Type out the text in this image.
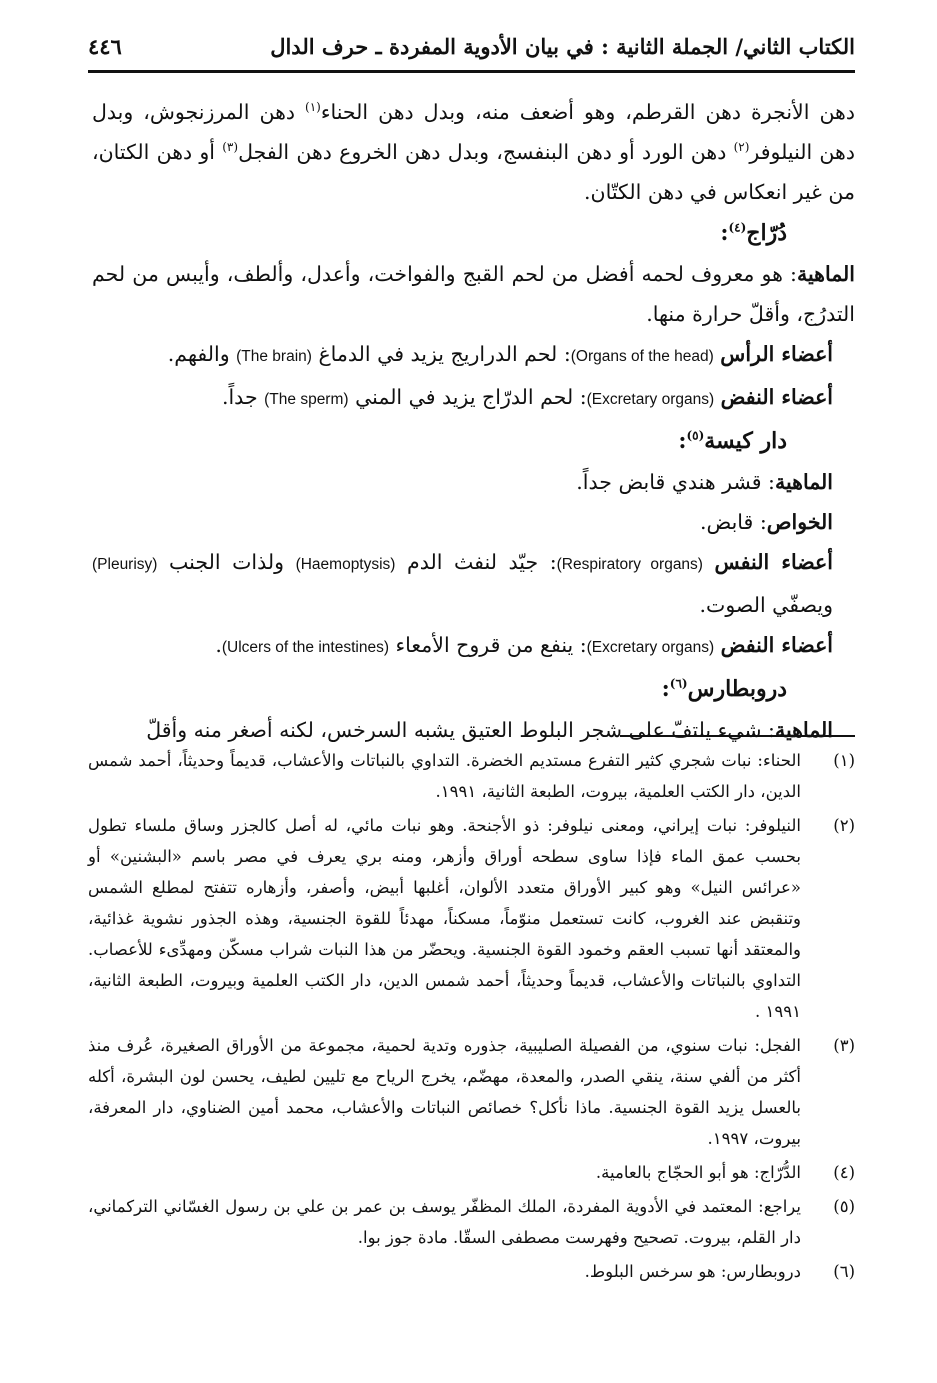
الكتاب الثاني/ الجملة الثانية : في بيان الأدوية المفردة ـ حرف الدال
٤٤٦

دهن الأنجرة دهن القرطم، وهو أضعف منه، وبدل دهن الحناء$^{(١)}$ دهن المرزنجوش، وبدل دهن النيلوفر$^{(٢)}$ دهن الورد أو دهن البنفسج، وبدل دهن الخروع دهن الفجل$^{(٣)}$ أو دهن الكتان، من غير انعكاس في دهن الكتّان.

دُرّاج$^{(٤)}$:

الماهية: هو معروف لحمه أفضل من لحم القبج والفواخت، وأعدل، وألطف، وأيبس من لحم التدرُج، وأقلّ حرارة منها.

أعضاء الرأس (Organs of the head): لحم الدراريج يزيد في الدماغ (The brain) والفهم.

أعضاء النفض (Excretary organs): لحم الدرّاج يزيد في المني (The sperm) جداً.

دار كيسة$^{(٥)}$:

الماهية: قشر هندي قابض جداً.

الخواص: قابض.

أعضاء النفس (Respiratory organs): جيّد لنفث الدم (Haemoptysis) ولذات الجنب (Pleurisy) ويصفّي الصوت.

أعضاء النفض (Excretary organs): ينفع من قروح الأمعاء (Ulcers of the intestines).

دروبطارس$^{(٦)}$:

الماهية: شيء يلتفّ على شجر البلوط العتيق يشبه السرخس، لكنه أصغر منه وأقلّ

(١)
الحناء: نبات شجري كثير التفرع مستديم الخضرة. التداوي بالنباتات والأعشاب، قديماً وحديثاً، أحمد شمس الدين، دار الكتب العلمية، بيروت، الطبعة الثانية، ١٩٩١.
(٢)
النيلوفر: نبات إيراني، ومعنى نيلوفر: ذو الأجنحة. وهو نبات مائي، له أصل كالجزر وساق ملساء تطول بحسب عمق الماء فإذا ساوى سطحه أوراق وأزهر، ومنه بري يعرف في مصر باسم «البشنين» أو «عرائس النيل» وهو كبير الأوراق متعدد الألوان، أغلبها أبيض، وأصفر، وأزهاره تتفتح لمطلع الشمس وتنقبض عند الغروب، كانت تستعمل منوّماً، مسكناً، مهدئاً للقوة الجنسية، وهذه الجذور نشوية غذائية، والمعتقد أنها تسبب العقم وخمود القوة الجنسية. ويحضّر من هذا النبات شراب مسكّن ومهدِّىء للأعصاب. التداوي بالنباتات والأعشاب، قديماً وحديثاً، أحمد شمس الدين، دار الكتب العلمية وبيروت، الطبعة الثانية، ١٩٩١ .
(٣)
الفجل: نبات سنوي، من الفصيلة الصليبية، جذوره وتدية لحمية، مجموعة من الأوراق الصغيرة، عُرف منذ أكثر من ألفي سنة، ينقي الصدر، والمعدة، مهضّم، يخرج الرياح مع تليين لطيف، يحسن لون البشرة، أكله بالعسل يزيد القوة الجنسية. ماذا نأكل؟ خصائص النباتات والأعشاب، محمد أمين الضناوي، دار المعرفة، بيروت، ١٩٩٧.
(٤)
الدُّرّاج: هو أبو الحجّاج بالعامية.
(٥)
يراجع: المعتمد في الأدوية المفردة، الملك المظفّر يوسف بن عمر بن علي بن رسول الغسّاني التركماني، دار القلم، بيروت. تصحيح وفهرست مصطفى السقّا. مادة جوز بوا.
(٦)
دروبطارس: هو سرخس البلوط.
